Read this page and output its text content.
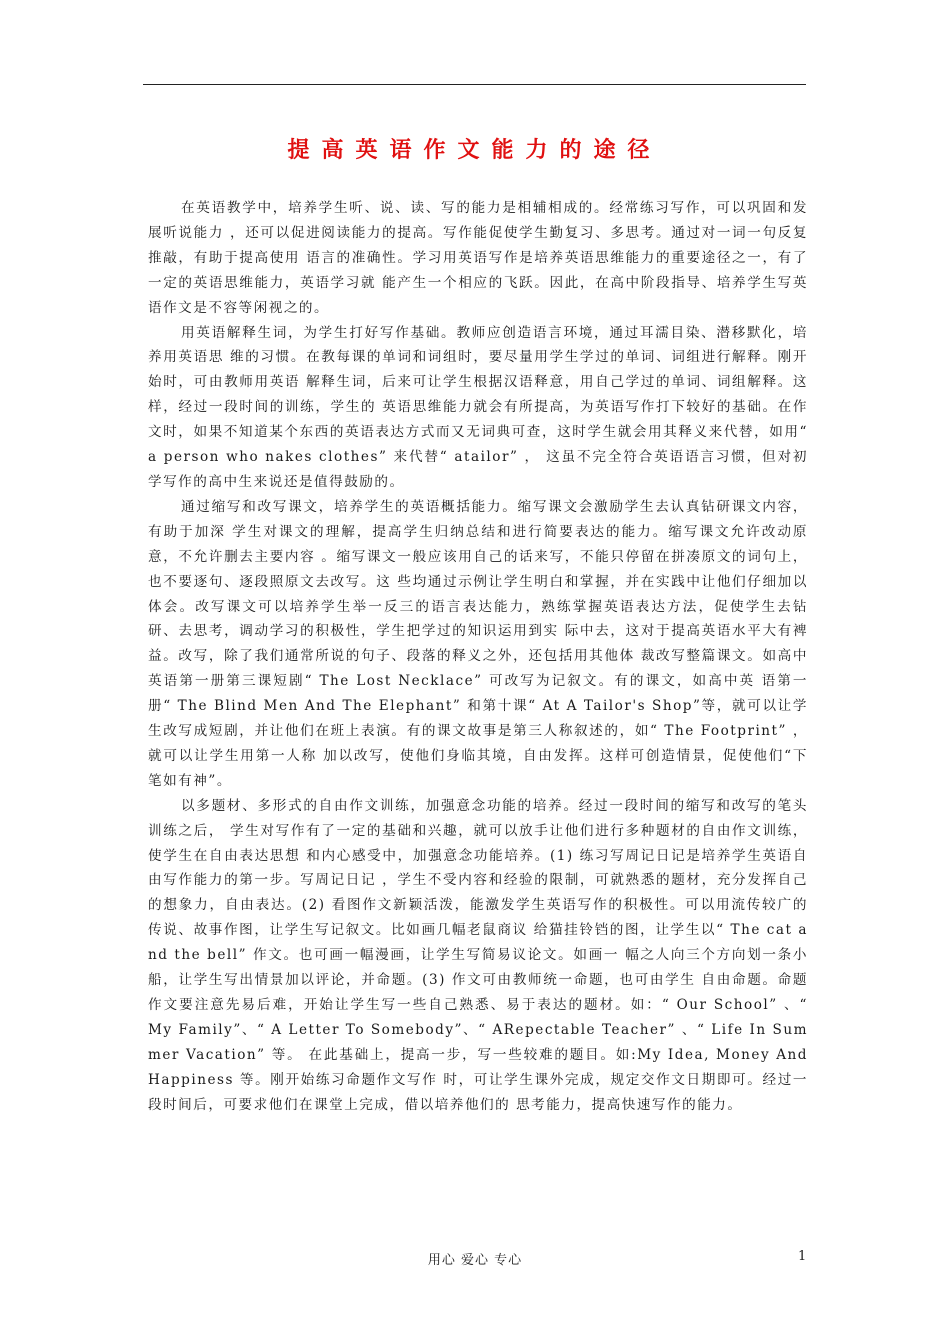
提高英语作文能力的途径

在英语教学中，培养学生听、说、读、写的能力是相辅相成的。经常练习写作，可以巩固和发展听说能力 ，还可以促进阅读能力的提高。写作能促使学生勤复习、多思考。通过对一词一句反复推敲，有助于提高使用 语言的准确性。学习用英语写作是培养英语思维能力的重要途径之一，有了一定的英语思维能力，英语学习就 能产生一个相应的飞跃。因此，在高中阶段指导、培养学生写英语作文是不容等闲视之的。

用英语解释生词，为学生打好写作基础。教师应创造语言环境，通过耳濡目染、潜移默化，培养用英语思 维的习惯。在教每课的单词和词组时，要尽量用学生学过的单词、词组进行解释。刚开始时，可由教师用英语 解释生词，后来可让学生根据汉语释意，用自己学过的单词、词组解释。这样，经过一段时间的训练，学生的 英语思维能力就会有所提高，为英语写作打下较好的基础。在作文时，如果不知道某个东西的英语表达方式而又无词典可查，这时学生就会用其释义来代替，如用“ a person who nakes clothes” 来代替“ atailor” ， 这虽不完全符合英语语言习惯，但对初学写作的高中生来说还是值得鼓励的。

通过缩写和改写课文，培养学生的英语概括能力。缩写课文会激励学生去认真钻研课文内容，有助于加深 学生对课文的理解，提高学生归纳总结和进行简要表达的能力。缩写课文允许改动原意，不允许删去主要内容 。缩写课文一般应该用自己的话来写，不能只停留在拼凑原文的词句上，也不要逐句、逐段照原文去改写。这 些均通过示例让学生明白和掌握，并在实践中让他们仔细加以体会。改写课文可以培养学生举一反三的语言表达能力，熟练掌握英语表达方法，促使学生去钻研、去思考，调动学习的积极性，学生把学过的知识运用到实 际中去，这对于提高英语水平大有裨益。改写，除了我们通常所说的句子、段落的释义之外，还包括用其他体 裁改写整篇课文。如高中英语第一册第三课短剧“ The Lost Necklace” 可改写为记叙文。有的课文，如高中英 语第一册“ The Blind Men And The Elephant” 和第十课“ At A Tailor's Shop”等，就可以让学生改写成短剧，并让他们在班上表演。有的课文故事是第三人称叙述的，如“ The Footprint” ，就可以让学生用第一人称 加以改写，使他们身临其境，自由发挥。这样可创造情景，促使他们“下笔如有神”。

以多题材、多形式的自由作文训练，加强意念功能的培养。经过一段时间的缩写和改写的笔头训练之后， 学生对写作有了一定的基础和兴趣，就可以放手让他们进行多种题材的自由作文训练，使学生在自由表达思想 和内心感受中，加强意念功能培养。(1) 练习写周记日记是培养学生英语自由写作能力的第一步。写周记日记 ，学生不受内容和经验的限制，可就熟悉的题材，充分发挥自己的想象力，自由表达。(2) 看图作文新颖活泼，能激发学生英语写作的积极性。可以用流传较广的传说、故事作图，让学生写记叙文。比如画几幅老鼠商议 给猫挂铃铛的图，让学生以“ The cat and the bell” 作文。也可画一幅漫画，让学生写简易议论文。如画一 幅之人向三个方向划一条小船，让学生写出情景加以评论，并命题。(3) 作文可由教师统一命题，也可由学生 自由命题。命题作文要注意先易后难，开始让学生写一些自己熟悉、易于表达的题材。如：“ Our School” 、“ My Family”、“ A Letter To Somebody”、“ ARepectable Teacher” 、“ Life In Summer Vacation” 等。 在此基础上，提高一步，写一些较难的题目。如:My Idea, Money And Happiness 等。刚开始练习命题作文写作 时，可让学生课外完成，规定交作文日期即可。经过一段时间后，可要求他们在课堂上完成，借以培养他们的 思考能力，提高快速写作的能力。

用心 爱心 专心	1
